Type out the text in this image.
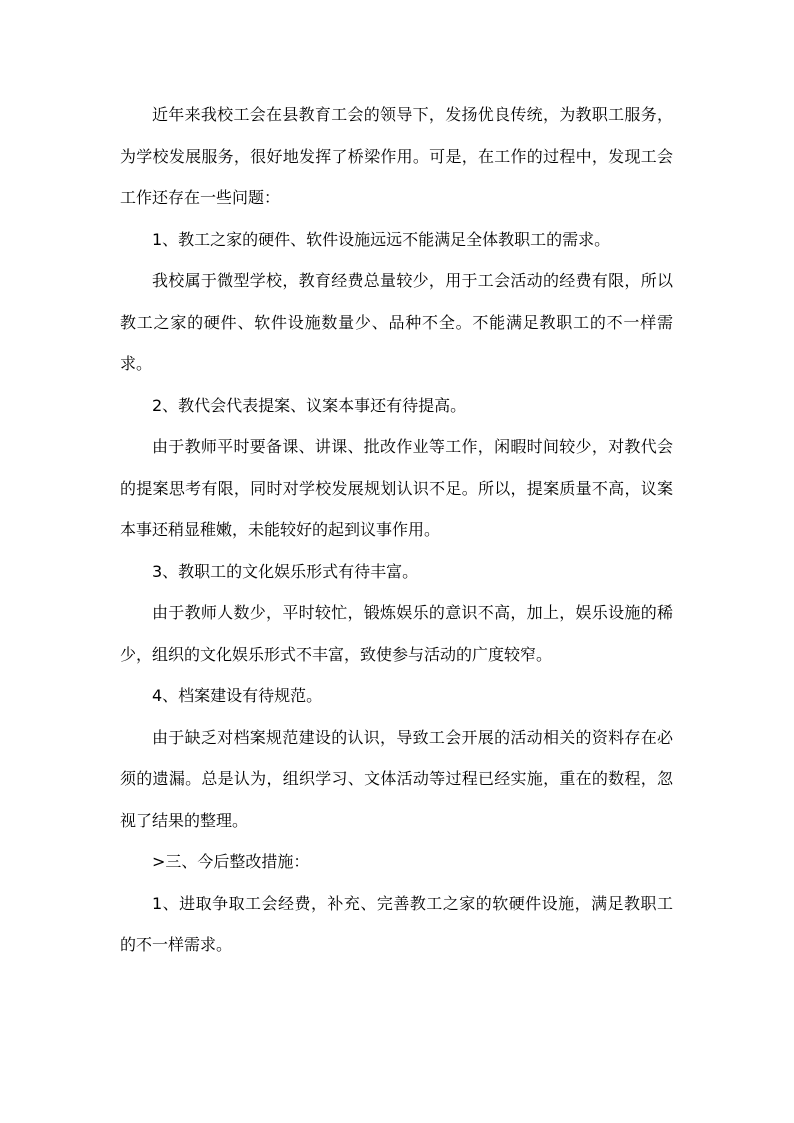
近年来我校工会在县教育工会的领导下，发扬优良传统，为教职工服务，为学校发展服务，很好地发挥了桥梁作用。可是，在工作的过程中，发现工会工作还存在一些问题：

1、教工之家的硬件、软件设施远远不能满足全体教职工的需求。

我校属于微型学校，教育经费总量较少，用于工会活动的经费有限，所以教工之家的硬件、软件设施数量少、品种不全。不能满足教职工的不一样需求。

2、教代会代表提案、议案本事还有待提高。

由于教师平时要备课、讲课、批改作业等工作，闲暇时间较少，对教代会的提案思考有限，同时对学校发展规划认识不足。所以，提案质量不高，议案本事还稍显稚嫩，未能较好的起到议事作用。

3、教职工的文化娱乐形式有待丰富。

由于教师人数少，平时较忙，锻炼娱乐的意识不高，加上，娱乐设施的稀少，组织的文化娱乐形式不丰富，致使参与活动的广度较窄。

4、档案建设有待规范。

由于缺乏对档案规范建设的认识，导致工会开展的活动相关的资料存在必须的遗漏。总是认为，组织学习、文体活动等过程已经实施，重在的数程，忽视了结果的整理。

>三、今后整改措施：

1、进取争取工会经费，补充、完善教工之家的软硬件设施，满足教职工的不一样需求。
